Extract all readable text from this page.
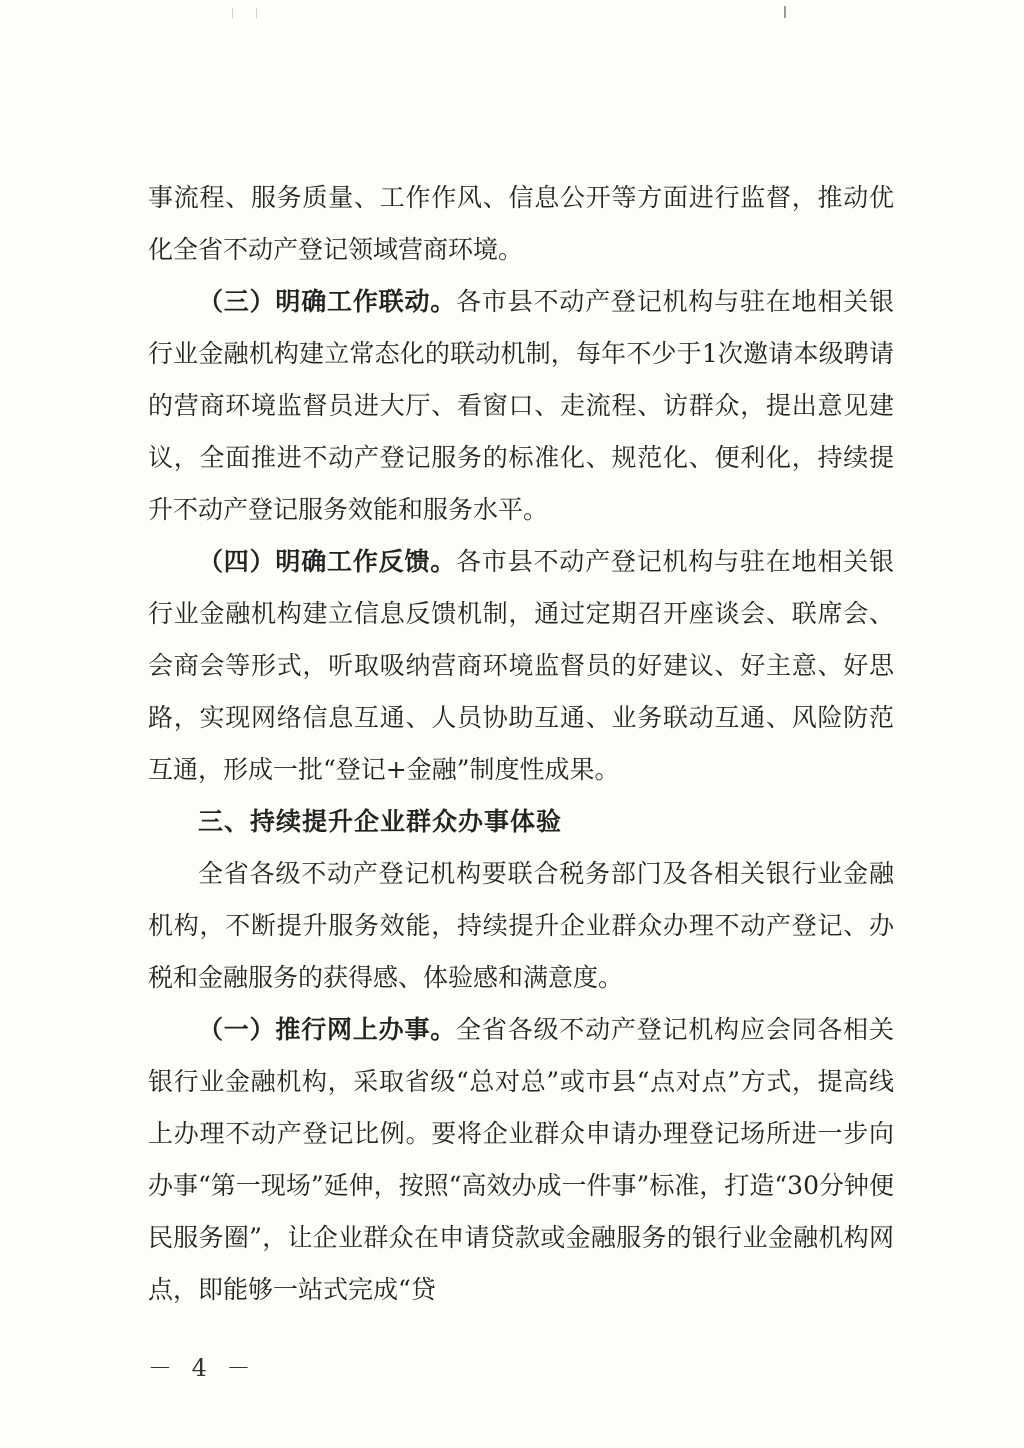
事流程、服务质量、工作作风、信息公开等方面进行监督，推动优化全省不动产登记领域营商环境。

（三）明确工作联动。各市县不动产登记机构与驻在地相关银行业金融机构建立常态化的联动机制，每年不少于1次邀请本级聘请的营商环境监督员进大厅、看窗口、走流程、访群众，提出意见建议，全面推进不动产登记服务的标准化、规范化、便利化，持续提升不动产登记服务效能和服务水平。

（四）明确工作反馈。各市县不动产登记机构与驻在地相关银行业金融机构建立信息反馈机制，通过定期召开座谈会、联席会、会商会等形式，听取吸纳营商环境监督员的好建议、好主意、好思路，实现网络信息互通、人员协助互通、业务联动互通、风险防范互通，形成一批“登记+金融”制度性成果。

三、持续提升企业群众办事体验

全省各级不动产登记机构要联合税务部门及各相关银行业金融机构，不断提升服务效能，持续提升企业群众办理不动产登记、办税和金融服务的获得感、体验感和满意度。

（一）推行网上办事。全省各级不动产登记机构应会同各相关银行业金融机构，采取省级“总对总”或市县“点对点”方式，提高线上办理不动产登记比例。要将企业群众申请办理登记场所进一步向办事“第一现场”延伸，按照“高效办成一件事”标准，打造“30分钟便民服务圈”，让企业群众在申请贷款或金融服务的银行业金融机构网点，即能够一站式完成“贷

－ 4 －
